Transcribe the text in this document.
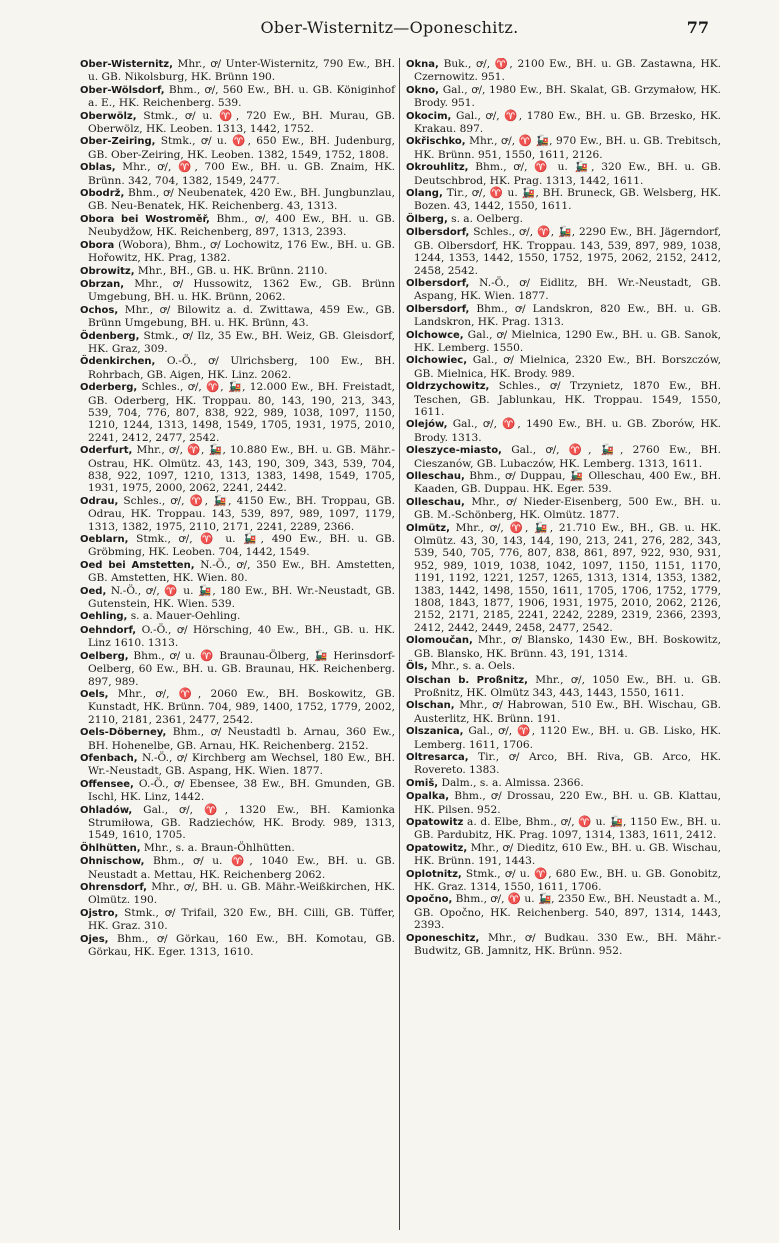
Ober-Wisternitz—Oponeschitz.	77

Ober-Wisternitz, Mhr., ꝍ/ Unter-Wisternitz, 790 Ew., BH. u. GB. Nikolsburg, HK. Brünn 190.

Ober-Wölsdorf, Bhm., ꝍ/, 560 Ew., BH. u. GB. Königinhof a. E., HK. Reichenberg. 539.

Oberwölz, Stmk., ꝍ/ u. ♈, 720 Ew., BH. Murau, GB. Oberwölz, HK. Leoben. 1313, 1442, 1752.

Ober-Zeiring, Stmk., ꝍ/ u. ♈, 650 Ew., BH. Judenburg, GB. Ober-Zeiring, HK. Leoben. 1382, 1549, 1752, 1808.

Oblas, Mhr., ꝍ/, ♈, 700 Ew., BH. u. GB. Znaim, HK. Brünn. 342, 704, 1382, 1549, 2477.

Obodrž, Bhm., ꝍ/ Neubenatek, 420 Ew., BH. Jungbunzlau, GB. Neu-Benatek, HK. Reichenberg. 43, 1313.

Obora bei Wostroměř, Bhm., ꝍ/, 400 Ew., BH. u. GB. Neubydžow, HK. Reichenberg, 897, 1313, 2393.

Obora (Wobora), Bhm., ꝍ/ Lochowitz, 176 Ew., BH. u. GB. Hořowitz, HK. Prag, 1382.

Obrowitz, Mhr., BH., GB. u. HK. Brünn. 2110.

Obrzan, Mhr., ꝍ/ Hussowitz, 1362 Ew., GB. Brünn Umgebung, BH. u. HK. Brünn, 2062.

Ochos, Mhr., ꝍ/ Bilowitz a. d. Zwittawa, 459 Ew., GB. Brünn Umgebung, BH. u. HK. Brünn, 43.

Ödenberg, Stmk., ꝍ/ Ilz, 35 Ew., BH. Weiz, GB. Gleisdorf, HK. Graz, 309.

Ödenkirchen, O.-Ö., ꝍ/ Ulrichsberg, 100 Ew., BH. Rohrbach, GB. Aigen, HK. Linz. 2062.

Oderberg, Schles., ꝍ/, ♈, 🚂, 12.000 Ew., BH. Freistadt, GB. Oderberg, HK. Troppau. 80, 143, 190, 213, 343, 539, 704, 776, 807, 838, 922, 989, 1038, 1097, 1150, 1210, 1244, 1313, 1498, 1549, 1705, 1931, 1975, 2010, 2241, 2412, 2477, 2542.

Oderfurt, Mhr., ꝍ/, ♈, 🚂, 10.880 Ew., BH. u. GB. Mähr.-Ostrau, HK. Olmütz. 43, 143, 190, 309, 343, 539, 704, 838, 922, 1097, 1210, 1313, 1383, 1498, 1549, 1705, 1931, 1975, 2000, 2062, 2241, 2442.

Odrau, Schles., ꝍ/, ♈, 🚂, 4150 Ew., BH. Troppau, GB. Odrau, HK. Troppau. 143, 539, 897, 989, 1097, 1179, 1313, 1382, 1975, 2110, 2171, 2241, 2289, 2366.

Oeblarn, Stmk., ꝍ/, ♈ u. 🚂, 490 Ew., BH. u. GB. Gröbming, HK. Leoben. 704, 1442, 1549.

Oed bei Amstetten, N.-Ö., ꝍ/, 350 Ew., BH. Amstetten, GB. Amstetten, HK. Wien. 80.

Oed, N.-Ö., ꝍ/, ♈ u. 🚂, 180 Ew., BH. Wr.-Neustadt, GB. Gutenstein, HK. Wien. 539.

Oehling, s. a. Mauer-Oehling.

Oehndorf, O.-Ö., ꝍ/ Hörsching, 40 Ew., BH., GB. u. HK. Linz 1610. 1313.

Oelberg, Bhm., ꝍ/ u. ♈ Braunau-Ölberg, 🚂 Herinsdorf-Oelberg, 60 Ew., BH. u. GB. Braunau, HK. Reichenberg. 897, 989.

Oels, Mhr., ꝍ/, ♈, 2060 Ew., BH. Boskowitz, GB. Kunstadt, HK. Brünn. 704, 989, 1400, 1752, 1779, 2002, 2110, 2181, 2361, 2477, 2542.

Oels-Döberney, Bhm., ꝍ/ Neustadtl b. Arnau, 360 Ew., BH. Hohenelbe, GB. Arnau, HK. Reichenberg. 2152.

Ofenbach, N.-Ö., ꝍ/ Kirchberg am Wechsel, 180 Ew., BH. Wr.-Neustadt, GB. Aspang, HK. Wien. 1877.

Offensee, O.-Ö., ꝍ/ Ebensee, 38 Ew., BH. Gmunden, GB. Ischl, HK. Linz, 1442.

Ohladów, Gal., ꝍ/, ♈, 1320 Ew., BH. Kamionka Strumiłowa, GB. Radziechów, HK. Brody. 989, 1313, 1549, 1610, 1705.

Öhlhütten, Mhr., s. a. Braun-Öhlhütten.

Ohnischow, Bhm., ꝍ/ u. ♈, 1040 Ew., BH. u. GB. Neustadt a. Mettau, HK. Reichenberg 2062.

Ohrensdorf, Mhr., ꝍ/, BH. u. GB. Mähr.-Weißkirchen, HK. Olmütz. 190.

Ojstro, Stmk., ꝍ/ Trifail, 320 Ew., BH. Cilli, GB. Tüffer, HK. Graz. 310.

Ojes, Bhm., ꝍ/ Görkau, 160 Ew., BH. Komotau, GB. Görkau, HK. Eger. 1313, 1610.

Okna, Buk., ꝍ/, ♈, 2100 Ew., BH. u. GB. Zastawna, HK. Czernowitz. 951.

Okno, Gal., ꝍ/, 1980 Ew., BH. Skalat, GB. Grzymałow, HK. Brody. 951.

Okocim, Gal., ꝍ/, ♈, 1780 Ew., BH. u. GB. Brzesko, HK. Krakau. 897.

Okřischko, Mhr., ꝍ/, ♈ 🚂, 970 Ew., BH. u. GB. Trebitsch, HK. Brünn. 951, 1550, 1611, 2126.

Okrouhlitz, Bhm., ꝍ/, ♈ u. 🚂, 320 Ew., BH. u. GB. Deutschbrod, HK. Prag. 1313, 1442, 1611.

Olang, Tir., ꝍ/, ♈ u. 🚂, BH. Bruneck, GB. Welsberg, HK. Bozen. 43, 1442, 1550, 1611.

Ölberg, s. a. Oelberg.

Olbersdorf, Schles., ꝍ/, ♈, 🚂, 2290 Ew., BH. Jägerndorf, GB. Olbersdorf, HK. Troppau. 143, 539, 897, 989, 1038, 1244, 1353, 1442, 1550, 1752, 1975, 2062, 2152, 2412, 2458, 2542.

Olbersdorf, N.-Ö., ꝍ/ Eidlitz, BH. Wr.-Neustadt, GB. Aspang, HK. Wien. 1877.

Olbersdorf, Bhm., ꝍ/ Landskron, 820 Ew., BH. u. GB. Landskron, HK. Prag. 1313.

Olchowce, Gal., ꝍ/ Mielnica, 1290 Ew., BH. u. GB. Sanok, HK. Lemberg. 1550.

Olchowiec, Gal., ꝍ/ Mielnica, 2320 Ew., BH. Borszczów, GB. Mielnica, HK. Brody. 989.

Oldrzychowitz, Schles., ꝍ/ Trzynietz, 1870 Ew., BH. Teschen, GB. Jablunkau, HK. Troppau. 1549, 1550, 1611.

Olejów, Gal., ꝍ/, ♈, 1490 Ew., BH. u. GB. Zborów, HK. Brody. 1313.

Oleszyce-miasto, Gal., ꝍ/, ♈, 🚂, 2760 Ew., BH. Cieszanów, GB. Lubaczów, HK. Lemberg. 1313, 1611.

Olleschau, Bhm., ꝍ/ Duppau, 🚂 Olleschau, 400 Ew., BH. Kaaden, GB. Duppau. HK. Eger. 539.

Olleschau, Mhr., ꝍ/ Nieder-Eisenberg, 500 Ew., BH. u. GB. M.-Schönberg, HK. Olmütz. 1877.

Olmütz, Mhr., ꝍ/, ♈, 🚂, 21.710 Ew., BH., GB. u. HK. Olmütz. 43, 30, 143, 144, 190, 213, 241, 276, 282, 343, 539, 540, 705, 776, 807, 838, 861, 897, 922, 930, 931, 952, 989, 1019, 1038, 1042, 1097, 1150, 1151, 1170, 1191, 1192, 1221, 1257, 1265, 1313, 1314, 1353, 1382, 1383, 1442, 1498, 1550, 1611, 1705, 1706, 1752, 1779, 1808, 1843, 1877, 1906, 1931, 1975, 2010, 2062, 2126, 2152, 2171, 2185, 2241, 2242, 2289, 2319, 2366, 2393, 2412, 2442, 2449, 2458, 2477, 2542.

Olomoučan, Mhr., ꝍ/ Blansko, 1430 Ew., BH. Boskowitz, GB. Blansko, HK. Brünn. 43, 191, 1314.

Öls, Mhr., s. a. Oels.

Olschan b. Proßnitz, Mhr., ꝍ/, 1050 Ew., BH. u. GB. Proßnitz, HK. Olmütz 343, 443, 1443, 1550, 1611.

Olschan, Mhr., ꝍ/ Habrowan, 510 Ew., BH. Wischau, GB. Austerlitz, HK. Brünn. 191.

Olszanica, Gal., ꝍ/, ♈, 1120 Ew., BH. u. GB. Lisko, HK. Lemberg. 1611, 1706.

Oltresarca, Tir., ꝍ/ Arco, BH. Riva, GB. Arco, HK. Rovereto. 1383.

Omiš, Dalm., s. a. Almissa. 2366.

Opalka, Bhm., ꝍ/ Drossau, 220 Ew., BH. u. GB. Klattau, HK. Pilsen. 952.

Opatowitz a. d. Elbe, Bhm., ꝍ/, ♈ u. 🚂, 1150 Ew., BH. u. GB. Pardubitz, HK. Prag. 1097, 1314, 1383, 1611, 2412.

Opatowitz, Mhr., ꝍ/ Dieditz, 610 Ew., BH. u. GB. Wischau, HK. Brünn. 191, 1443.

Oplotnitz, Stmk., ꝍ/ u. ♈, 680 Ew., BH. u. GB. Gonobitz, HK. Graz. 1314, 1550, 1611, 1706.

Opočno, Bhm., ꝍ/, ♈ u. 🚂, 2350 Ew., BH. Neustadt a. M., GB. Opočno, HK. Reichenberg. 540, 897, 1314, 1443, 2393.

Oponeschitz, Mhr., ꝍ/ Budkau. 330 Ew., BH. Mähr.-Budwitz, GB. Jamnitz, HK. Brünn. 952.
